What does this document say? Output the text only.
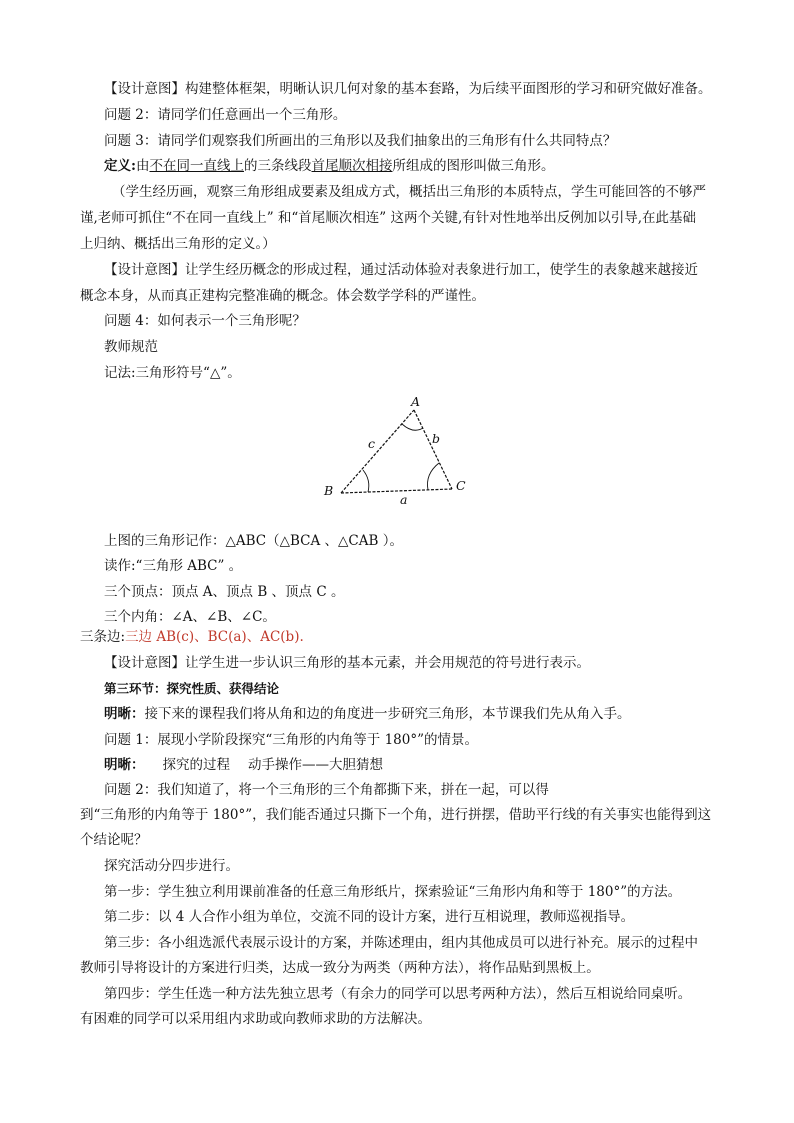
【设计意图】构建整体框架，明晰认识几何对象的基本套路，为后续平面图形的学习和研究做好准备。
问题 2：请同学们任意画出一个三角形。
问题 3：请同学们观察我们所画出的三角形以及我们抽象出的三角形有什么共同特点？
定义:由不在同一直线上的三条线段首尾顺次相接所组成的图形叫做三角形。
（学生经历画，观察三角形组成要素及组成方式，概括出三角形的本质特点，学生可能回答的不够严
谨,老师可抓住“不在同一直线上” 和“首尾顺次相连” 这两个关键,有针对性地举出反例加以引导,在此基础
上归纳、概括出三角形的定义。）
【设计意图】让学生经历概念的形成过程，通过活动体验对表象进行加工，使学生的表象越来越接近
概念本身，从而真正建构完整准确的概念。体会数学学科的严谨性。
问题 4：如何表示一个三角形呢？
教师规范
记法:三角形符号“△”。
A
B	C
a
b
c
上图的三角形记作：△ABC（△BCA 、△CAB ）。
读作:“三角形 ABC” 。
三个顶点：顶点 A、顶点 B 、顶点 C 。
三个内角：∠A、∠B、∠C。
三条边:三边 AB(c)、BC(a)、AC(b).
【设计意图】让学生进一步认识三角形的基本元素，并会用规范的符号进行表示。
第三环节：探究性质、获得结论
明晰：接下来的课程我们将从角和边的角度进一步研究三角形，本节课我们先从角入手。
问题 1：展现小学阶段探究“三角形的内角等于 180°”的情景。
明晰： 探究的过程 动手操作——大胆猜想
问题 2：我们知道了，将一个三角形的三个角都撕下来，拼在一起，可以得
到“三角形的内角等于 180°”，我们能否通过只撕下一个角，进行拼摆，借助平行线的有关事实也能得到这
个结论呢？
探究活动分四步进行。
第一步：学生独立利用课前准备的任意三角形纸片，探索验证“三角形内角和等于 180°”的方法。
第二步：以 4 人合作小组为单位，交流不同的设计方案，进行互相说理，教师巡视指导。
第三步：各小组选派代表展示设计的方案，并陈述理由，组内其他成员可以进行补充。展示的过程中
教师引导将设计的方案进行归类，达成一致分为两类（两种方法），将作品贴到黑板上。
第四步：学生任选一种方法先独立思考（有余力的同学可以思考两种方法），然后互相说给同桌听。
有困难的同学可以采用组内求助或向教师求助的方法解决。
